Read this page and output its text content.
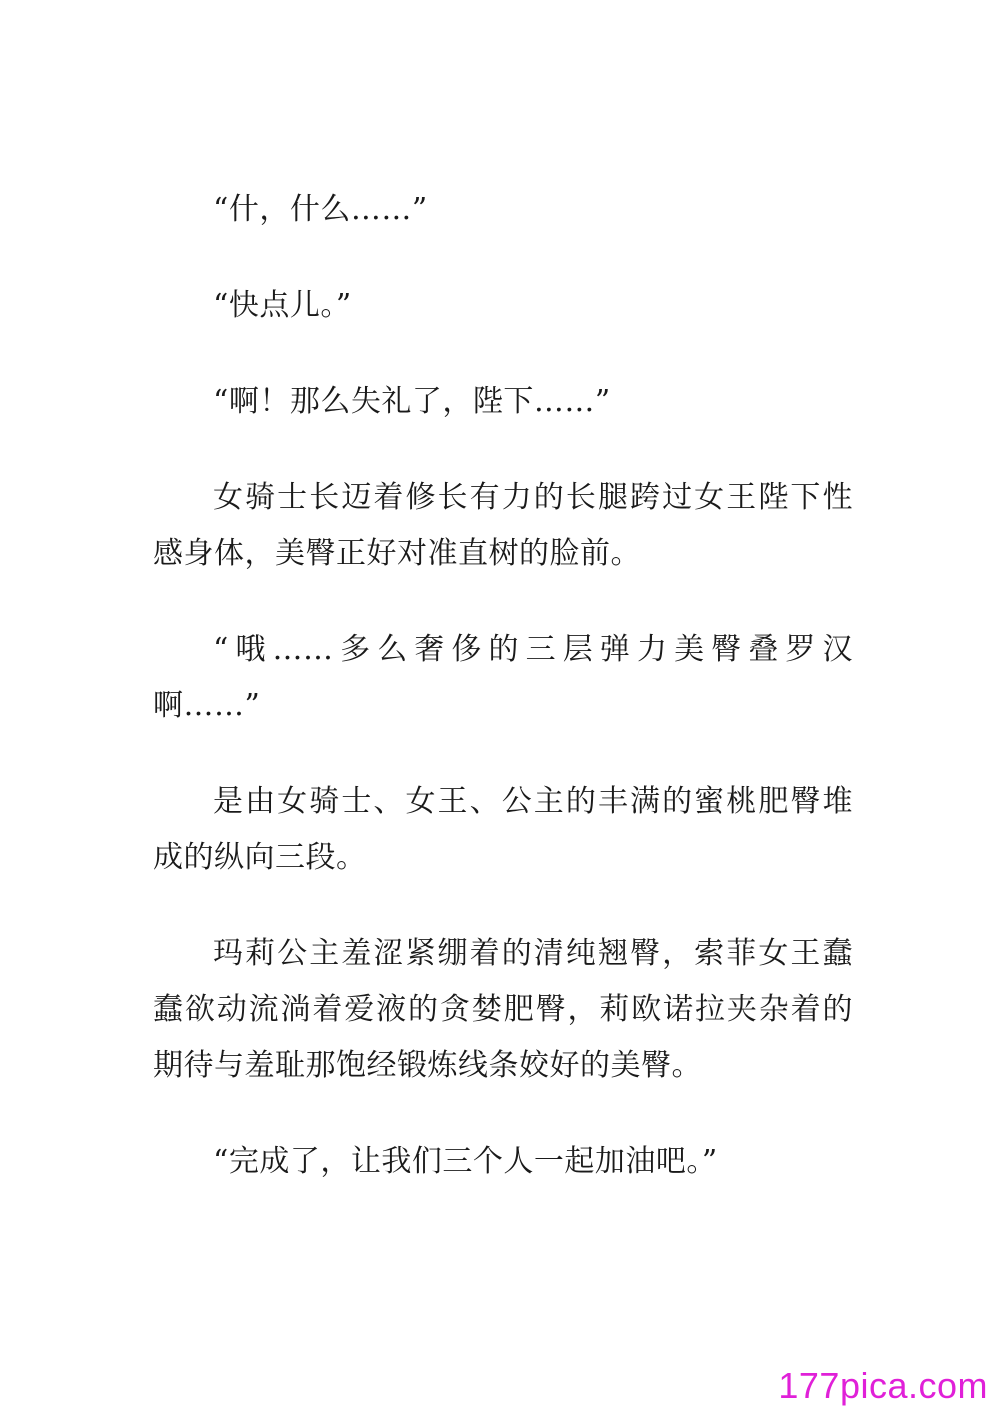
“什，什么……”

“快点儿。”

“啊！那么失礼了，陛下……”

女骑士长迈着修长有力的长腿跨过女王陛下性感身体，美臀正好对准直树的脸前。

“哦……多么奢侈的三层弹力美臀叠罗汉啊……”

是由女骑士、女王、公主的丰满的蜜桃肥臀堆成的纵向三段。

玛莉公主羞涩紧绷着的清纯翘臀，索菲女王蠢蠢欲动流淌着爱液的贪婪肥臀，莉欧诺拉夹杂着的期待与羞耻那饱经锻炼线条姣好的美臀。

“完成了，让我们三个人一起加油吧。”

177pica.com
